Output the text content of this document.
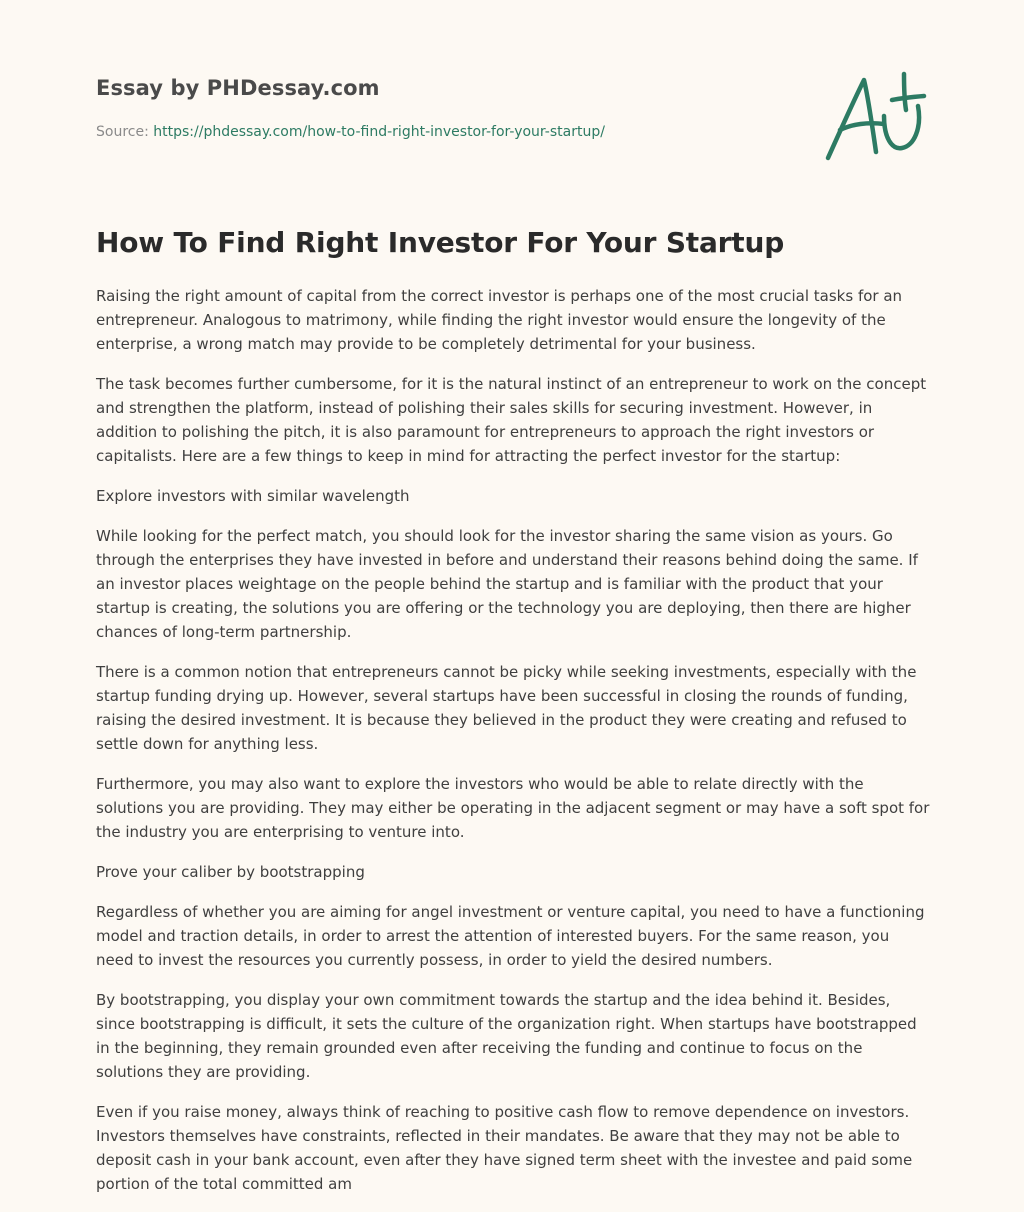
Essay by PHDessay.com

Source: https://phdessay.com/how-to-find-right-investor-for-your-startup/

How To Find Right Investor For Your Startup

Raising the right amount of capital from the correct investor is perhaps one of the most crucial tasks for an entrepreneur. Analogous to matrimony, while finding the right investor would ensure the longevity of the enterprise, a wrong match may provide to be completely detrimental for your business.

The task becomes further cumbersome, for it is the natural instinct of an entrepreneur to work on the concept and strengthen the platform, instead of polishing their sales skills for securing investment. However, in addition to polishing the pitch, it is also paramount for entrepreneurs to approach the right investors or capitalists. Here are a few things to keep in mind for attracting the perfect investor for the startup:

Explore investors with similar wavelength

While looking for the perfect match, you should look for the investor sharing the same vision as yours. Go through the enterprises they have invested in before and understand their reasons behind doing the same. If an investor places weightage on the people behind the startup and is familiar with the product that your startup is creating, the solutions you are offering or the technology you are deploying, then there are higher chances of long-term partnership.

There is a common notion that entrepreneurs cannot be picky while seeking investments, especially with the startup funding drying up. However, several startups have been successful in closing the rounds of funding, raising the desired investment. It is because they believed in the product they were creating and refused to settle down for anything less.

Furthermore, you may also want to explore the investors who would be able to relate directly with the solutions you are providing. They may either be operating in the adjacent segment or may have a soft spot for the industry you are enterprising to venture into.

Prove your caliber by bootstrapping

Regardless of whether you are aiming for angel investment or venture capital, you need to have a functioning model and traction details, in order to arrest the attention of interested buyers. For the same reason, you need to invest the resources you currently possess, in order to yield the desired numbers.

By bootstrapping, you display your own commitment towards the startup and the idea behind it. Besides, since bootstrapping is difficult, it sets the culture of the organization right. When startups have bootstrapped in the beginning, they remain grounded even after receiving the funding and continue to focus on the solutions they are providing.

Even if you raise money, always think of reaching to positive cash flow to remove dependence on investors. Investors themselves have constraints, reflected in their mandates. Be aware that they may not be able to deposit cash in your bank account, even after they have signed term sheet with the investee and paid some portion of the total committed am
